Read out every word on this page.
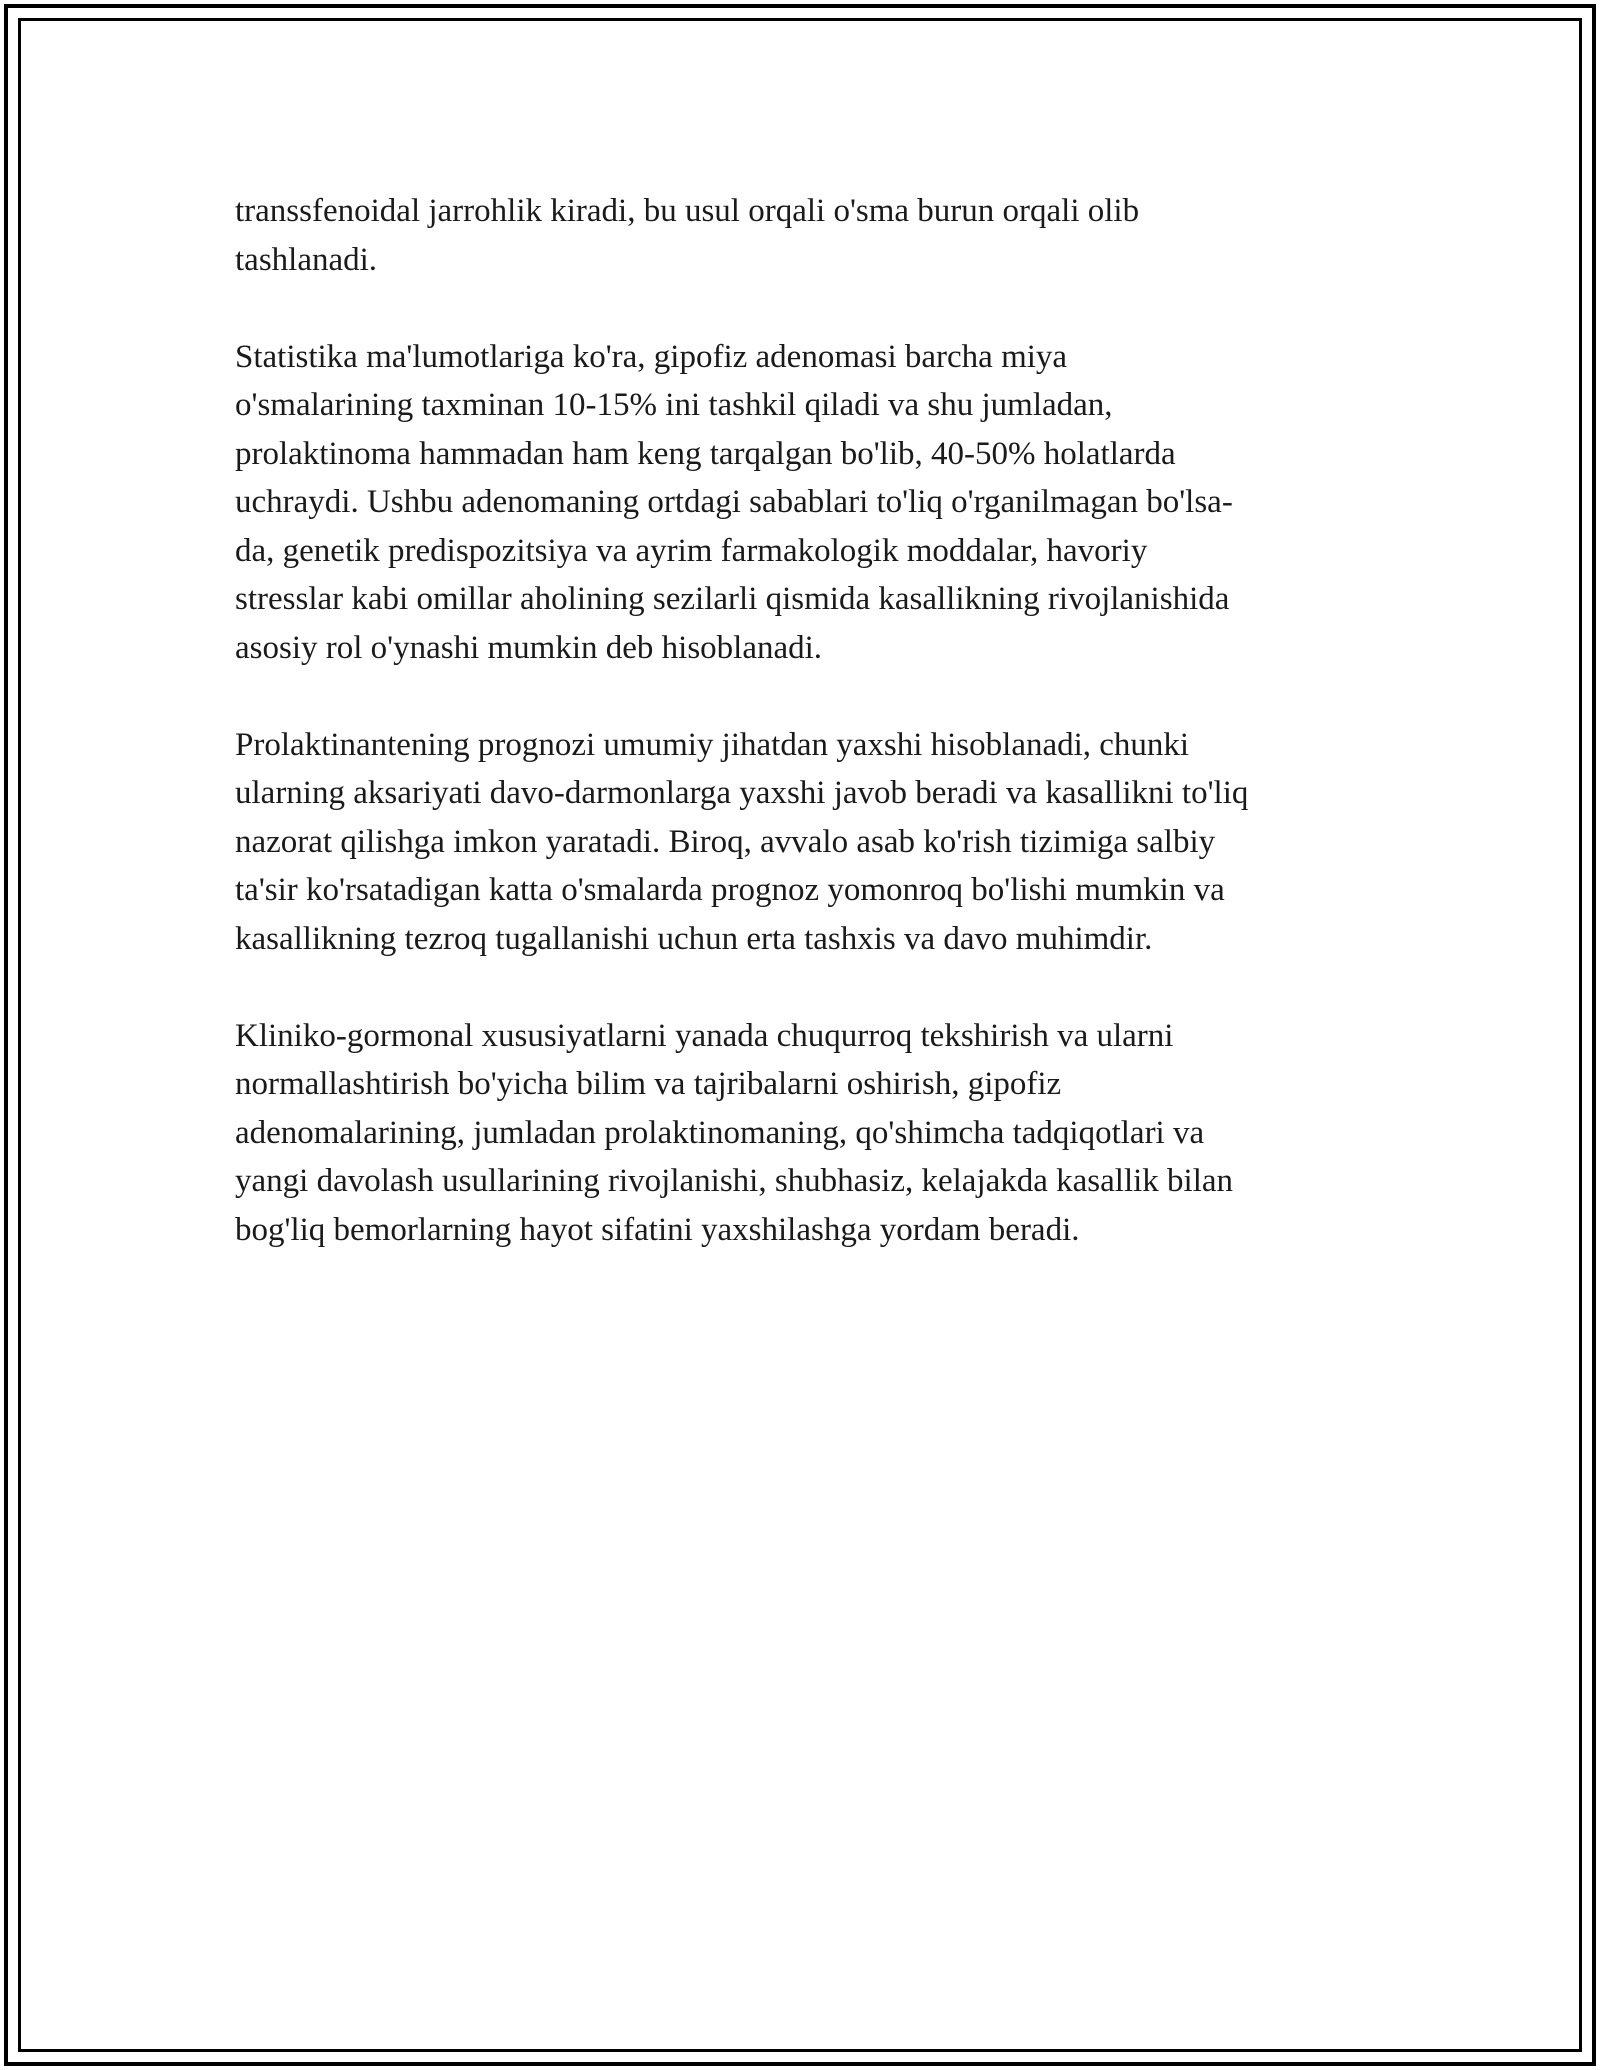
transsfenoidal jarrohlik kiradi, bu usul orqali o'sma burun orqali olib
tashlanadi.
Statistika ma'lumotlariga ko'ra, gipofiz adenomasi barcha miya
o'smalarining taxminan 10-15% ini tashkil qiladi va shu jumladan,
prolaktinoma hammadan ham keng tarqalgan bo'lib, 40-50% holatlarda
uchraydi. Ushbu adenomaning ortdagi sabablari to'liq o'rganilmagan bo'lsa-
da, genetik predispozitsiya va ayrim farmakologik moddalar, havoriy
stresslar kabi omillar aholining sezilarli qismida kasallikning rivojlanishida
asosiy rol o'ynashi mumkin deb hisoblanadi.
Prolaktinantening prognozi umumiy jihatdan yaxshi hisoblanadi, chunki
ularning aksariyati davo-darmonlarga yaxshi javob beradi va kasallikni to'liq
nazorat qilishga imkon yaratadi. Biroq, avvalo asab ko'rish tizimiga salbiy
ta'sir ko'rsatadigan katta o'smalarda prognoz yomonroq bo'lishi mumkin va
kasallikning tezroq tugallanishi uchun erta tashxis va davo muhimdir.
Kliniko-gormonal xususiyatlarni yanada chuqurroq tekshirish va ularni
normallashtirish bo'yicha bilim va tajribalarni oshirish, gipofiz
adenomalarining, jumladan prolaktinomaning, qo'shimcha tadqiqotlari va
yangi davolash usullarining rivojlanishi, shubhasiz, kelajakda kasallik bilan
bog'liq bemorlarning hayot sifatini yaxshilashga yordam beradi.
